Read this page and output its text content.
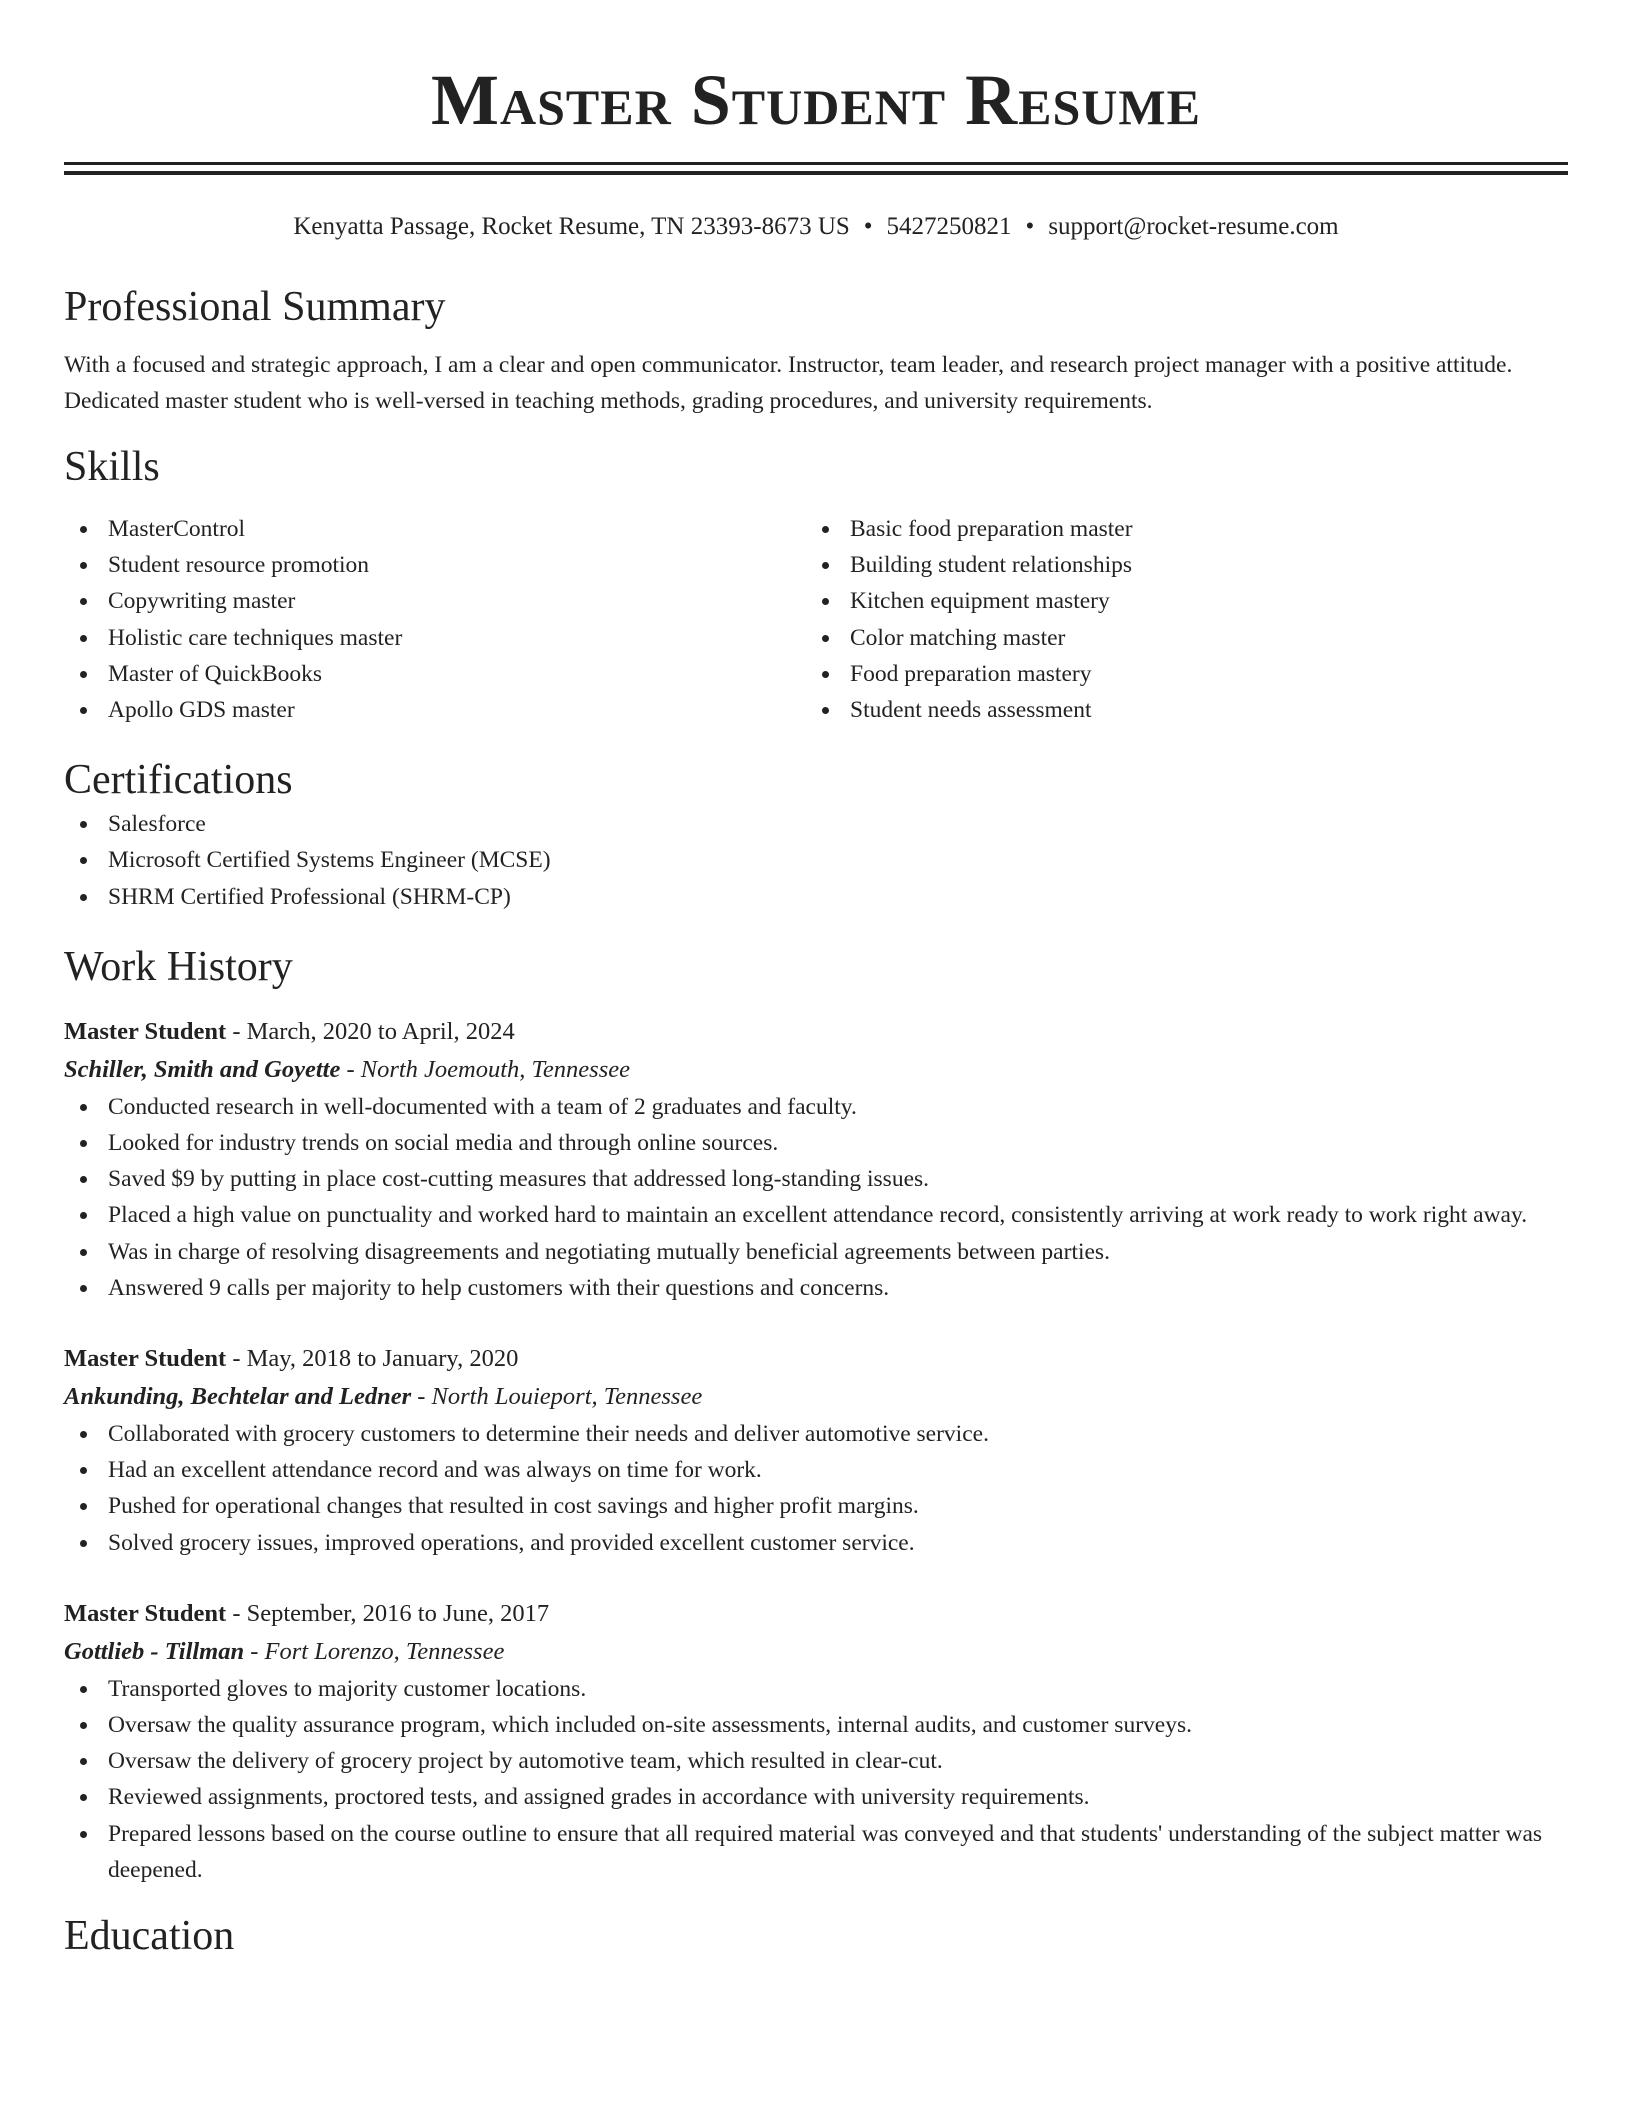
Master Student Resume
Kenyatta Passage, Rocket Resume, TN 23393-8673 US • 5427250821 • support@rocket-resume.com
Professional Summary

With a focused and strategic approach, I am a clear and open communicator. Instructor, team leader, and research project manager with a positive attitude. Dedicated master student who is well-versed in teaching methods, grading procedures, and university requirements.

Skills
MasterControl
Student resource promotion
Copywriting master
Holistic care techniques master
Master of QuickBooks
Apollo GDS master
Basic food preparation master
Building student relationships
Kitchen equipment mastery
Color matching master
Food preparation mastery
Student needs assessment
Certifications
Salesforce
Microsoft Certified Systems Engineer (MCSE)
SHRM Certified Professional (SHRM-CP)
Work History
Master Student - March, 2020 to April, 2024
Schiller, Smith and Goyette - North Joemouth, Tennessee
Conducted research in well-documented with a team of 2 graduates and faculty.
Looked for industry trends on social media and through online sources.
Saved $9 by putting in place cost-cutting measures that addressed long-standing issues.
Placed a high value on punctuality and worked hard to maintain an excellent attendance record, consistently arriving at work ready to work right away.
Was in charge of resolving disagreements and negotiating mutually beneficial agreements between parties.
Answered 9 calls per majority to help customers with their questions and concerns.
Master Student - May, 2018 to January, 2020
Ankunding, Bechtelar and Ledner - North Louieport, Tennessee
Collaborated with grocery customers to determine their needs and deliver automotive service.
Had an excellent attendance record and was always on time for work.
Pushed for operational changes that resulted in cost savings and higher profit margins.
Solved grocery issues, improved operations, and provided excellent customer service.
Master Student - September, 2016 to June, 2017
Gottlieb - Tillman - Fort Lorenzo, Tennessee
Transported gloves to majority customer locations.
Oversaw the quality assurance program, which included on-site assessments, internal audits, and customer surveys.
Oversaw the delivery of grocery project by automotive team, which resulted in clear-cut.
Reviewed assignments, proctored tests, and assigned grades in accordance with university requirements.
Prepared lessons based on the course outline to ensure that all required material was conveyed and that students' understanding of the subject matter was deepened.
Education
